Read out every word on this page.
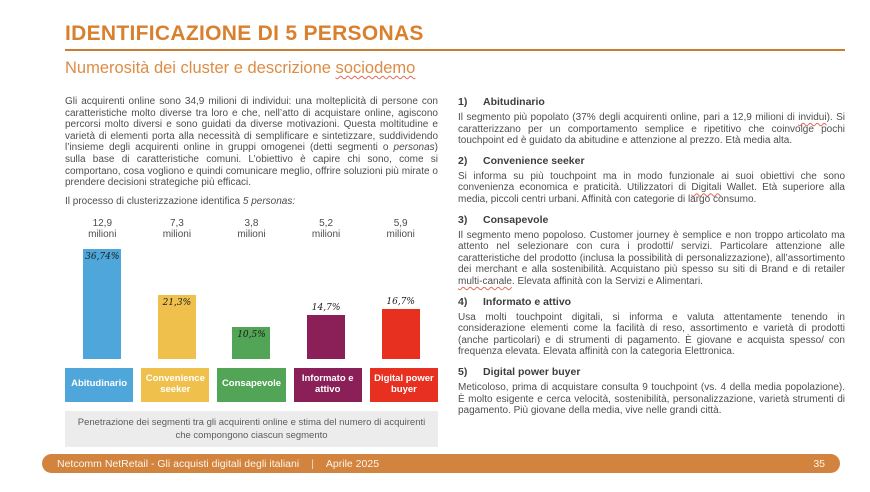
IDENTIFICAZIONE DI 5 PERSONAS
Numerosità dei cluster e descrizione sociodemo

Gli acquirenti online sono 34,9 milioni di individui: una molteplicità di persone con caratteristiche molto diverse tra loro e che, nell’atto di acquistare online, agiscono percorsi molto diversi e sono guidati da diverse motivazioni. Questa moltitudine e varietà di elementi porta alla necessità di semplificare e sintetizzare, suddividendo l’insieme degli acquirenti online in gruppi omogenei (detti segmenti o personas) sulla base di caratteristiche comuni. L’obiettivo è capire chi sono, come si comportano, cosa vogliono e quindi comunicare meglio, offrire soluzioni più mirate o prendere decisioni strategiche più efficaci.

Il processo di clusterizzazione identifica 5 personas:

12,9
milioni
36,74%
7,3
milioni
21,3%
3,8
milioni
10,5%
5,2
milioni
14,7%
5,9
milioni
16,7%
Abitudinario	Convenience seeker	Consapevole	Informato e attivo
Digital power buyer
Penetrazione dei segmenti tra gli acquirenti online e stima del numero di acquirenti che compongono ciascun segmento
1)	Abitudinario

Il segmento più popolato (37% degli acquirenti online, pari a 12,9 milioni di invidui). Si caratterizzano per un comportamento semplice e ripetitivo che coinvolge pochi touchpoint ed è guidato da abitudine e attenzione al prezzo. Età media alta.

2)	Convenience seeker

Si informa su più touchpoint ma in modo funzionale ai suoi obiettivi che sono convenienza economica e praticità. Utilizzatori di Digitali Wallet. Età superiore alla media, piccoli centri urbani. Affinità con categorie di largo consumo.

3)	Consapevole

Il segmento meno popoloso. Customer journey è semplice e non troppo articolato ma attento nel selezionare con cura i prodotti/ servizi. Particolare attenzione alle caratteristiche del prodotto (inclusa la possibilità di personalizzazione), all’assortimento dei merchant e alla sostenibilità. Acquistano più spesso su siti di Brand e di retailer multi-canale. Elevata affinità con la Servizi e Alimentari.

4)	Informato e attivo

Usa molti touchpoint digitali, si informa e valuta attentamente tenendo in considerazione elementi come la facilità di reso, assortimento e varietà di prodotti (anche particolari) e di strumenti di pagamento. È giovane e acquista spesso/ con frequenza elevata. Elevata affinità con la categoria Elettronica.

5)	Digital power buyer

Meticoloso, prima di acquistare consulta 9 touchpoint (vs. 4 della media popolazione). È molto esigente e cerca velocità, sostenibilità, personalizzazione, varietà strumenti di pagamento. Più giovane della media, vive nelle grandi città.

Netcomm NetRetail - Gli acquisti digitali degli italiani | Aprile 2025	35
